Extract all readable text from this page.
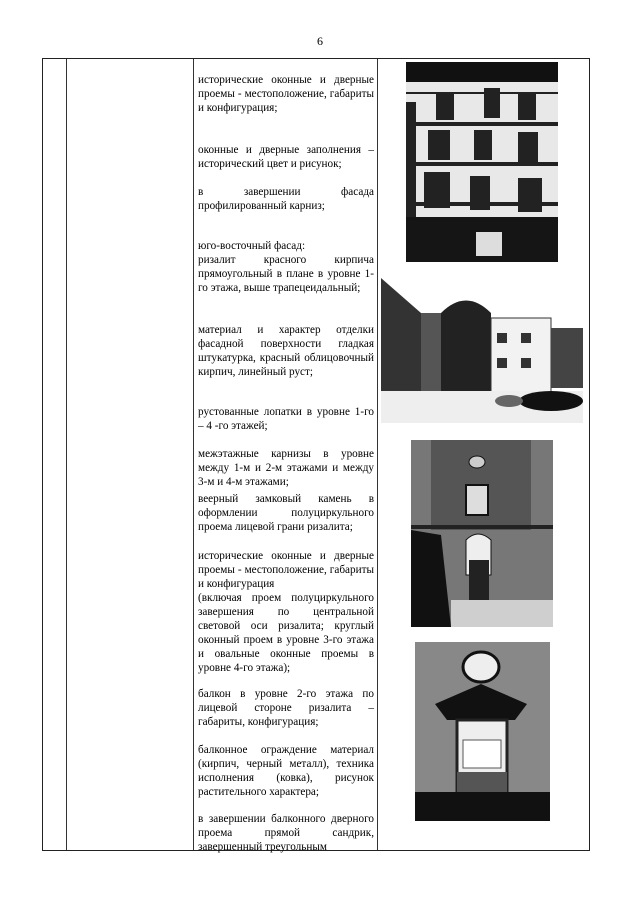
6
исторические оконные и дверные проемы - местоположение, габариты и конфигурация;
оконные и дверные заполнения – исторический цвет и рисунок;
в завершении фасада профилированный карниз;
юго-восточный фасад:
ризалит красного кирпича прямоугольный в плане в уровне 1-го этажа, выше трапецеидальный;
материал и характер отделки фасадной поверхности гладкая штукатурка, красный облицовочный кирпич, линейный руст;
рустованные лопатки в уровне 1-го – 4 -го этажей;
межэтажные карнизы в уровне между 1-м и 2-м этажами и между 3-м и 4-м этажами;
веерный замковый камень в оформлении полуциркульного проема лицевой грани ризалита;
исторические оконные и дверные проемы - местоположение, габариты и конфигурация
(включая проем полуциркульного завершения по центральной световой оси ризалита; круглый оконный проем в уровне 3-го этажа и овальные оконные проемы в уровне 4-го этажа);
балкон в уровне 2-го этажа по лицевой стороне ризалита – габариты, конфигурация;
балконное ограждение материал (кирпич, черный металл), техника исполнения (ковка), рисунок растительного характера;
в завершении балконного дверного проема прямой сандрик, завершенный треугольным
